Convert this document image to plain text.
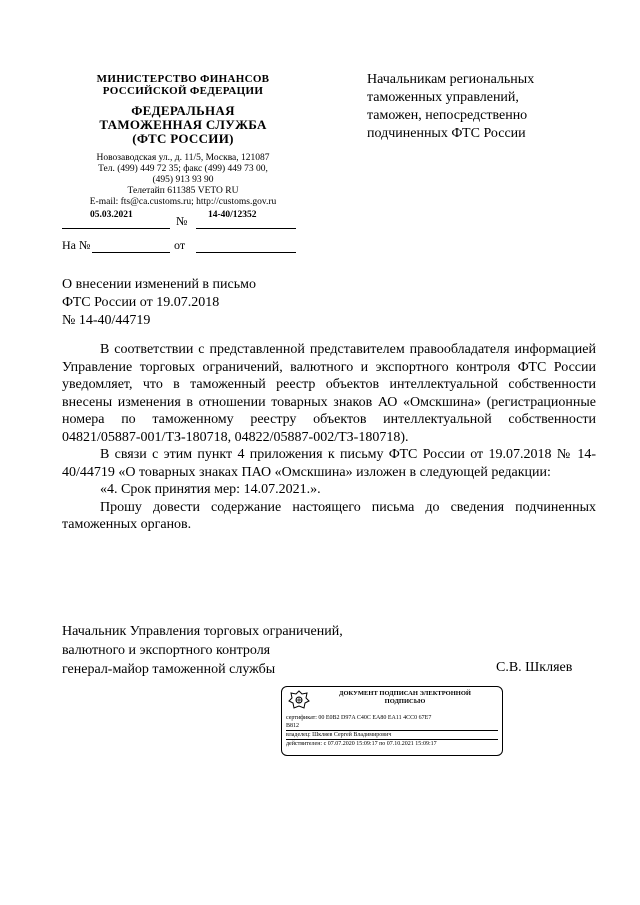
МИНИСТЕРСТВО ФИНАНСОВ
РОССИЙСКОЙ ФЕДЕРАЦИИ
ФЕДЕРАЛЬНАЯ
ТАМОЖЕННАЯ СЛУЖБА
(ФТС РОССИИ)
Новозаводская ул., д. 11/5, Москва, 121087
Тел. (499) 449 72 35; факс (499) 449 73 00,
(495) 913 93 90
Телетайп 611385 VETO RU
E-mail: fts@ca.customs.ru; http://customs.gov.ru
05.03.2021	№ 14-40/12352
На №	от
Начальникам региональных
таможенных управлений,
таможен, непосредственно
подчиненных ФТС России
О внесении изменений в письмо
ФТС России от 19.07.2018
№ 14-40/44719

В соответствии с представленной представителем правообладателя информацией Управление торговых ограничений, валютного и экспортного контроля ФТС России уведомляет, что в таможенный реестр объектов интеллектуальной собственности внесены изменения в отношении товарных знаков АО «Омскшина» (регистрационные номера по таможенному реестру объектов интеллектуальной собственности 04821/05887-001/ТЗ-180718, 04822/05887-002/ТЗ-180718).

В связи с этим пункт 4 приложения к письму ФТС России от 19.07.2018 № 14-40/44719 «О товарных знаках ПАО «Омскшина» изложен в следующей редакции:

«4. Срок принятия мер: 14.07.2021.».

Прошу довести содержание настоящего письма до сведения подчиненных таможенных органов.

Начальник Управления торговых ограничений,
валютного и экспортного контроля
генерал-майор таможенной службы	С.В. Шкляев
ДОКУМЕНТ ПОДПИСАН ЭЛЕКТРОННОЙ
ПОДПИСЬЮ
сертификат: 00 E0B2 D97A C40C EA80 EA11 4CC0 67E7
B812
владелец: Шкляев Сергей Владимирович
действителен: с 07.07.2020 15:09:17 по 07.10.2021 15:09:17
